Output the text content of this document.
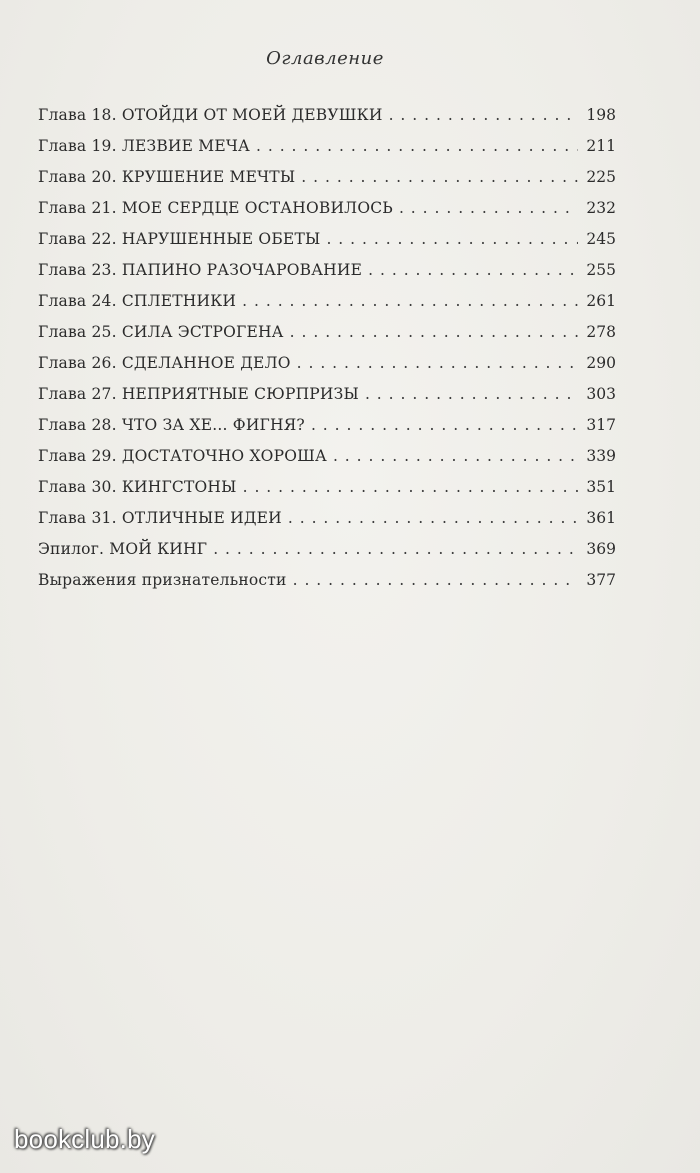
Оглавление
Глава 18. ОТОЙДИ ОТ МОЕЙ ДЕВУШКИ . . .	198
Глава 19. ЛЕЗВИЕ МЕЧА . . .	211
Глава 20. КРУШЕНИЕ МЕЧТЫ . . .	225
Глава 21. МОЕ СЕРДЦЕ ОСТАНОВИЛОСЬ . . .	232
Глава 22. НАРУШЕННЫЕ ОБЕТЫ . . .	245
Глава 23. ПАПИНО РАЗОЧАРОВАНИЕ . . .	255
Глава 24. СПЛЕТНИКИ . . .	261
Глава 25. СИЛА ЭСТРОГЕНА . . .	278
Глава 26. СДЕЛАННОЕ ДЕЛО . . .	290
Глава 27. НЕПРИЯТНЫЕ СЮРПРИЗЫ . . .	303
Глава 28. ЧТО ЗА ХЕ... ФИГНЯ? . . .	317
Глава 29. ДОСТАТОЧНО ХОРОША . . .	339
Глава 30. КИНГСТОНЫ . . .	351
Глава 31. ОТЛИЧНЫЕ ИДЕИ . . .	361
Эпилог. МОЙ КИНГ . . .	369
Выражения признательности . . .	377
bookclub.by
